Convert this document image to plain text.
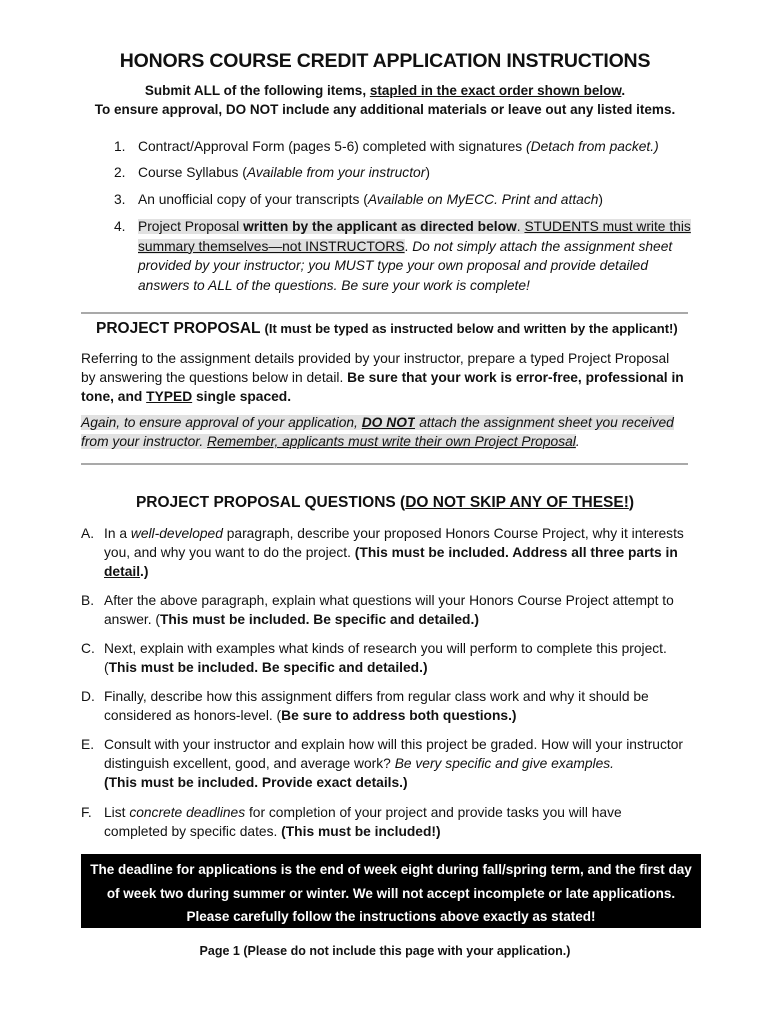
HONORS COURSE CREDIT APPLICATION INSTRUCTIONS
Submit ALL of the following items, stapled in the exact order shown below.
To ensure approval, DO NOT include any additional materials or leave out any listed items.
1. Contract/Approval Form (pages 5-6) completed with signatures (Detach from packet.)
2. Course Syllabus (Available from your instructor)
3. An unofficial copy of your transcripts (Available on MyECC. Print and attach)
4. Project Proposal written by the applicant as directed below. STUDENTS must write this summary themselves—not INSTRUCTORS. Do not simply attach the assignment sheet provided by your instructor; you MUST type your own proposal and provide detailed answers to ALL of the questions. Be sure your work is complete!
PROJECT PROPOSAL (It must be typed as instructed below and written by the applicant!)
Referring to the assignment details provided by your instructor, prepare a typed Project Proposal by answering the questions below in detail. Be sure that your work is error-free, professional in tone, and TYPED single spaced.
Again, to ensure approval of your application, DO NOT attach the assignment sheet you received from your instructor. Remember, applicants must write their own Project Proposal.
PROJECT PROPOSAL QUESTIONS (DO NOT SKIP ANY OF THESE!)
A. In a well-developed paragraph, describe your proposed Honors Course Project, why it interests you, and why you want to do the project. (This must be included. Address all three parts in detail.)
B. After the above paragraph, explain what questions will your Honors Course Project attempt to answer. (This must be included. Be specific and detailed.)
C. Next, explain with examples what kinds of research you will perform to complete this project. (This must be included. Be specific and detailed.)
D. Finally, describe how this assignment differs from regular class work and why it should be considered as honors-level. (Be sure to address both questions.)
E. Consult with your instructor and explain how will this project be graded. How will your instructor distinguish excellent, good, and average work? Be very specific and give examples.
(This must be included. Provide exact details.)
F. List concrete deadlines for completion of your project and provide tasks you will have completed by specific dates. (This must be included!)
The deadline for applications is the end of week eight during fall/spring term, and the first day
of week two during summer or winter. We will not accept incomplete or late applications.
Please carefully follow the instructions above exactly as stated!
Page 1 (Please do not include this page with your application.)
